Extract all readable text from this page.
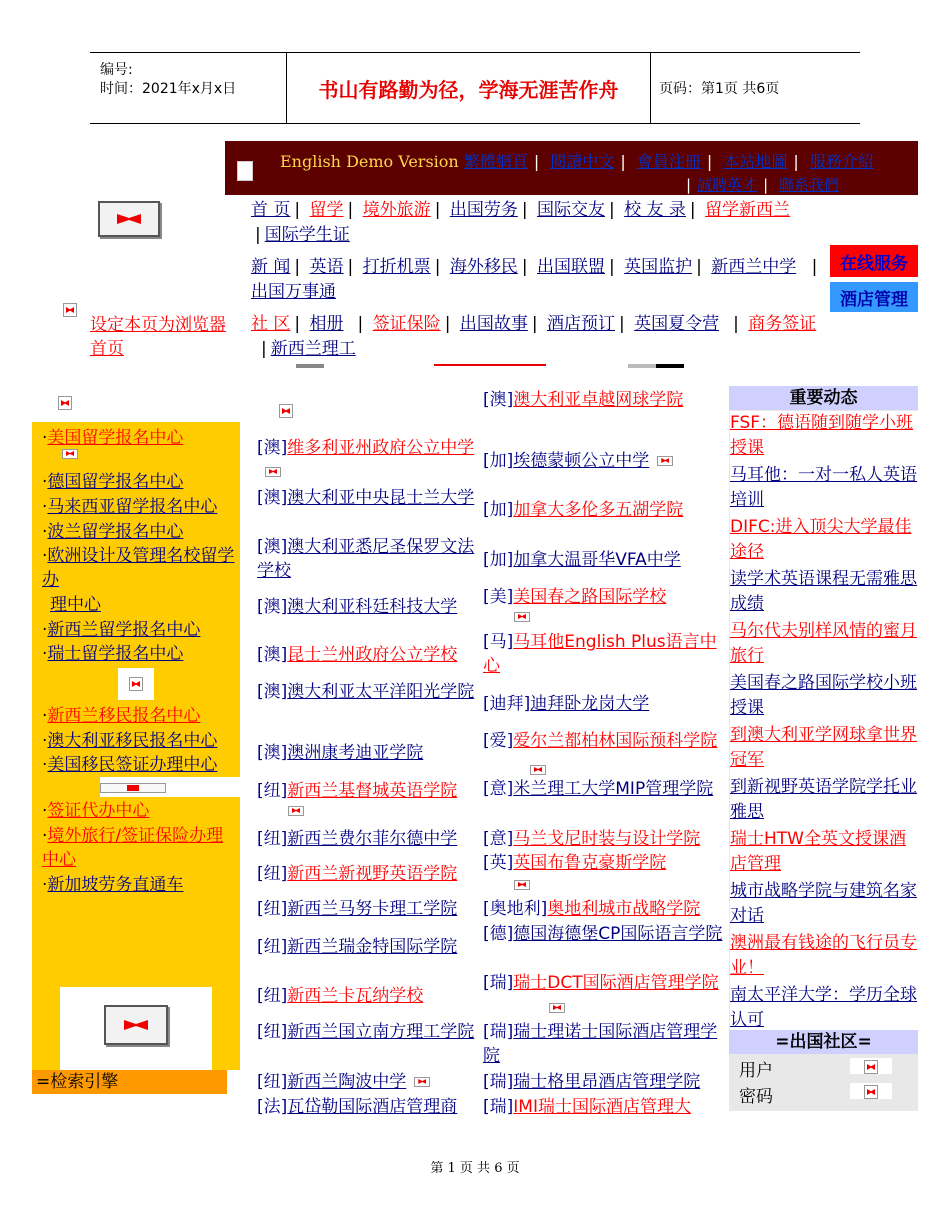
编号:
时间：2021年x月x日	书山有路勤为径，学海无涯苦作舟	页码：第1页 共6页
English Demo Version 繁體網頁 | 閱讀中文 | 會員注冊 | 本站地圖 | 服務介紹
| 誠聘英才 | 聯系我們
设定本页为浏览器首页
首 页 | 留学 | 境外旅游 | 出国劳务 | 国际交友 | 校 友 录 | 留学新西兰
| 国际学生证
新 闻 | 英语 | 打折机票 | 海外移民 | 出国联盟 | 英国监护 | 新西兰中学 |出国万事通
社 区 | 相册 | 签证保险 | 出国故事 | 酒店预订 | 英国夏令营 | 商务签证 | 新西兰理工
在线服务
酒店管理
·美国留学报名中心
·德国留学报名中心
·马来西亚留学报名中心
·波兰留学报名中心
·欧洲设计及管理名校留学办
理中心
·新西兰留学报名中心
·瑞士留学报名中心
·新西兰移民报名中心
·澳大利亚移民报名中心
·美国移民签证办理中心
·签证代办中心
·境外旅行/签证保险办理中心
·新加坡劳务直通车
=检索引擎
重要动态
FSF：德语随到随学小班授课
马耳他：一对一私人英语培训
DIFC:进入顶尖大学最佳途径
读学术英语课程无需雅思成绩
马尔代夫别样风情的蜜月旅行
美国春之路国际学校小班授课
到澳大利亚学网球拿世界冠军
到新视野英语学院学托业雅思
瑞士HTW全英文授课酒店管理
城市战略学院与建筑名家对话
澳洲最有钱途的飞行员专业！
南太平洋大学：学历全球认可
=出国社区=
用户
密码
第 1 页 共 6 页
[澳]维多利亚州政府公立中学
[澳]澳大利亚中央昆士兰大学
[澳]澳大利亚悉尼圣保罗文法学校
[澳]澳大利亚科廷科技大学
[澳]昆士兰州政府公立学校
[澳]澳大利亚太平洋阳光学院
[澳]澳洲康考迪亚学院
[纽]新西兰基督城英语学院
[纽]新西兰费尔菲尔德中学
[纽]新西兰新视野英语学院
[纽]新西兰马努卡理工学院
[纽]新西兰瑞金特国际学院
[纽]新西兰卡瓦纳学校
[纽]新西兰国立南方理工学院
[纽]新西兰陶波中学
[法]瓦岱勒国际酒店管理商
[澳]澳大利亚卓越网球学院
[加]埃德蒙顿公立中学
[加]加拿大多伦多五湖学院
[加]加拿大温哥华VFA中学
[美]美国春之路国际学校
[马]马耳他English Plus语言中心
[迪拜]迪拜卧龙岗大学
[爱]爱尔兰都柏林国际预科学院
[意]米兰理工大学MIP管理学院
[意]马兰戈尼时装与设计学院
[英]英国布鲁克豪斯学院
[奥地利]奥地利城市战略学院
[德]德国海德堡CP国际语言学院
[瑞]瑞士DCT国际酒店管理学院
[瑞]瑞士理诺士国际酒店管理学院
[瑞]瑞士格里昂酒店管理学院
[瑞]IMI瑞士国际酒店管理大
